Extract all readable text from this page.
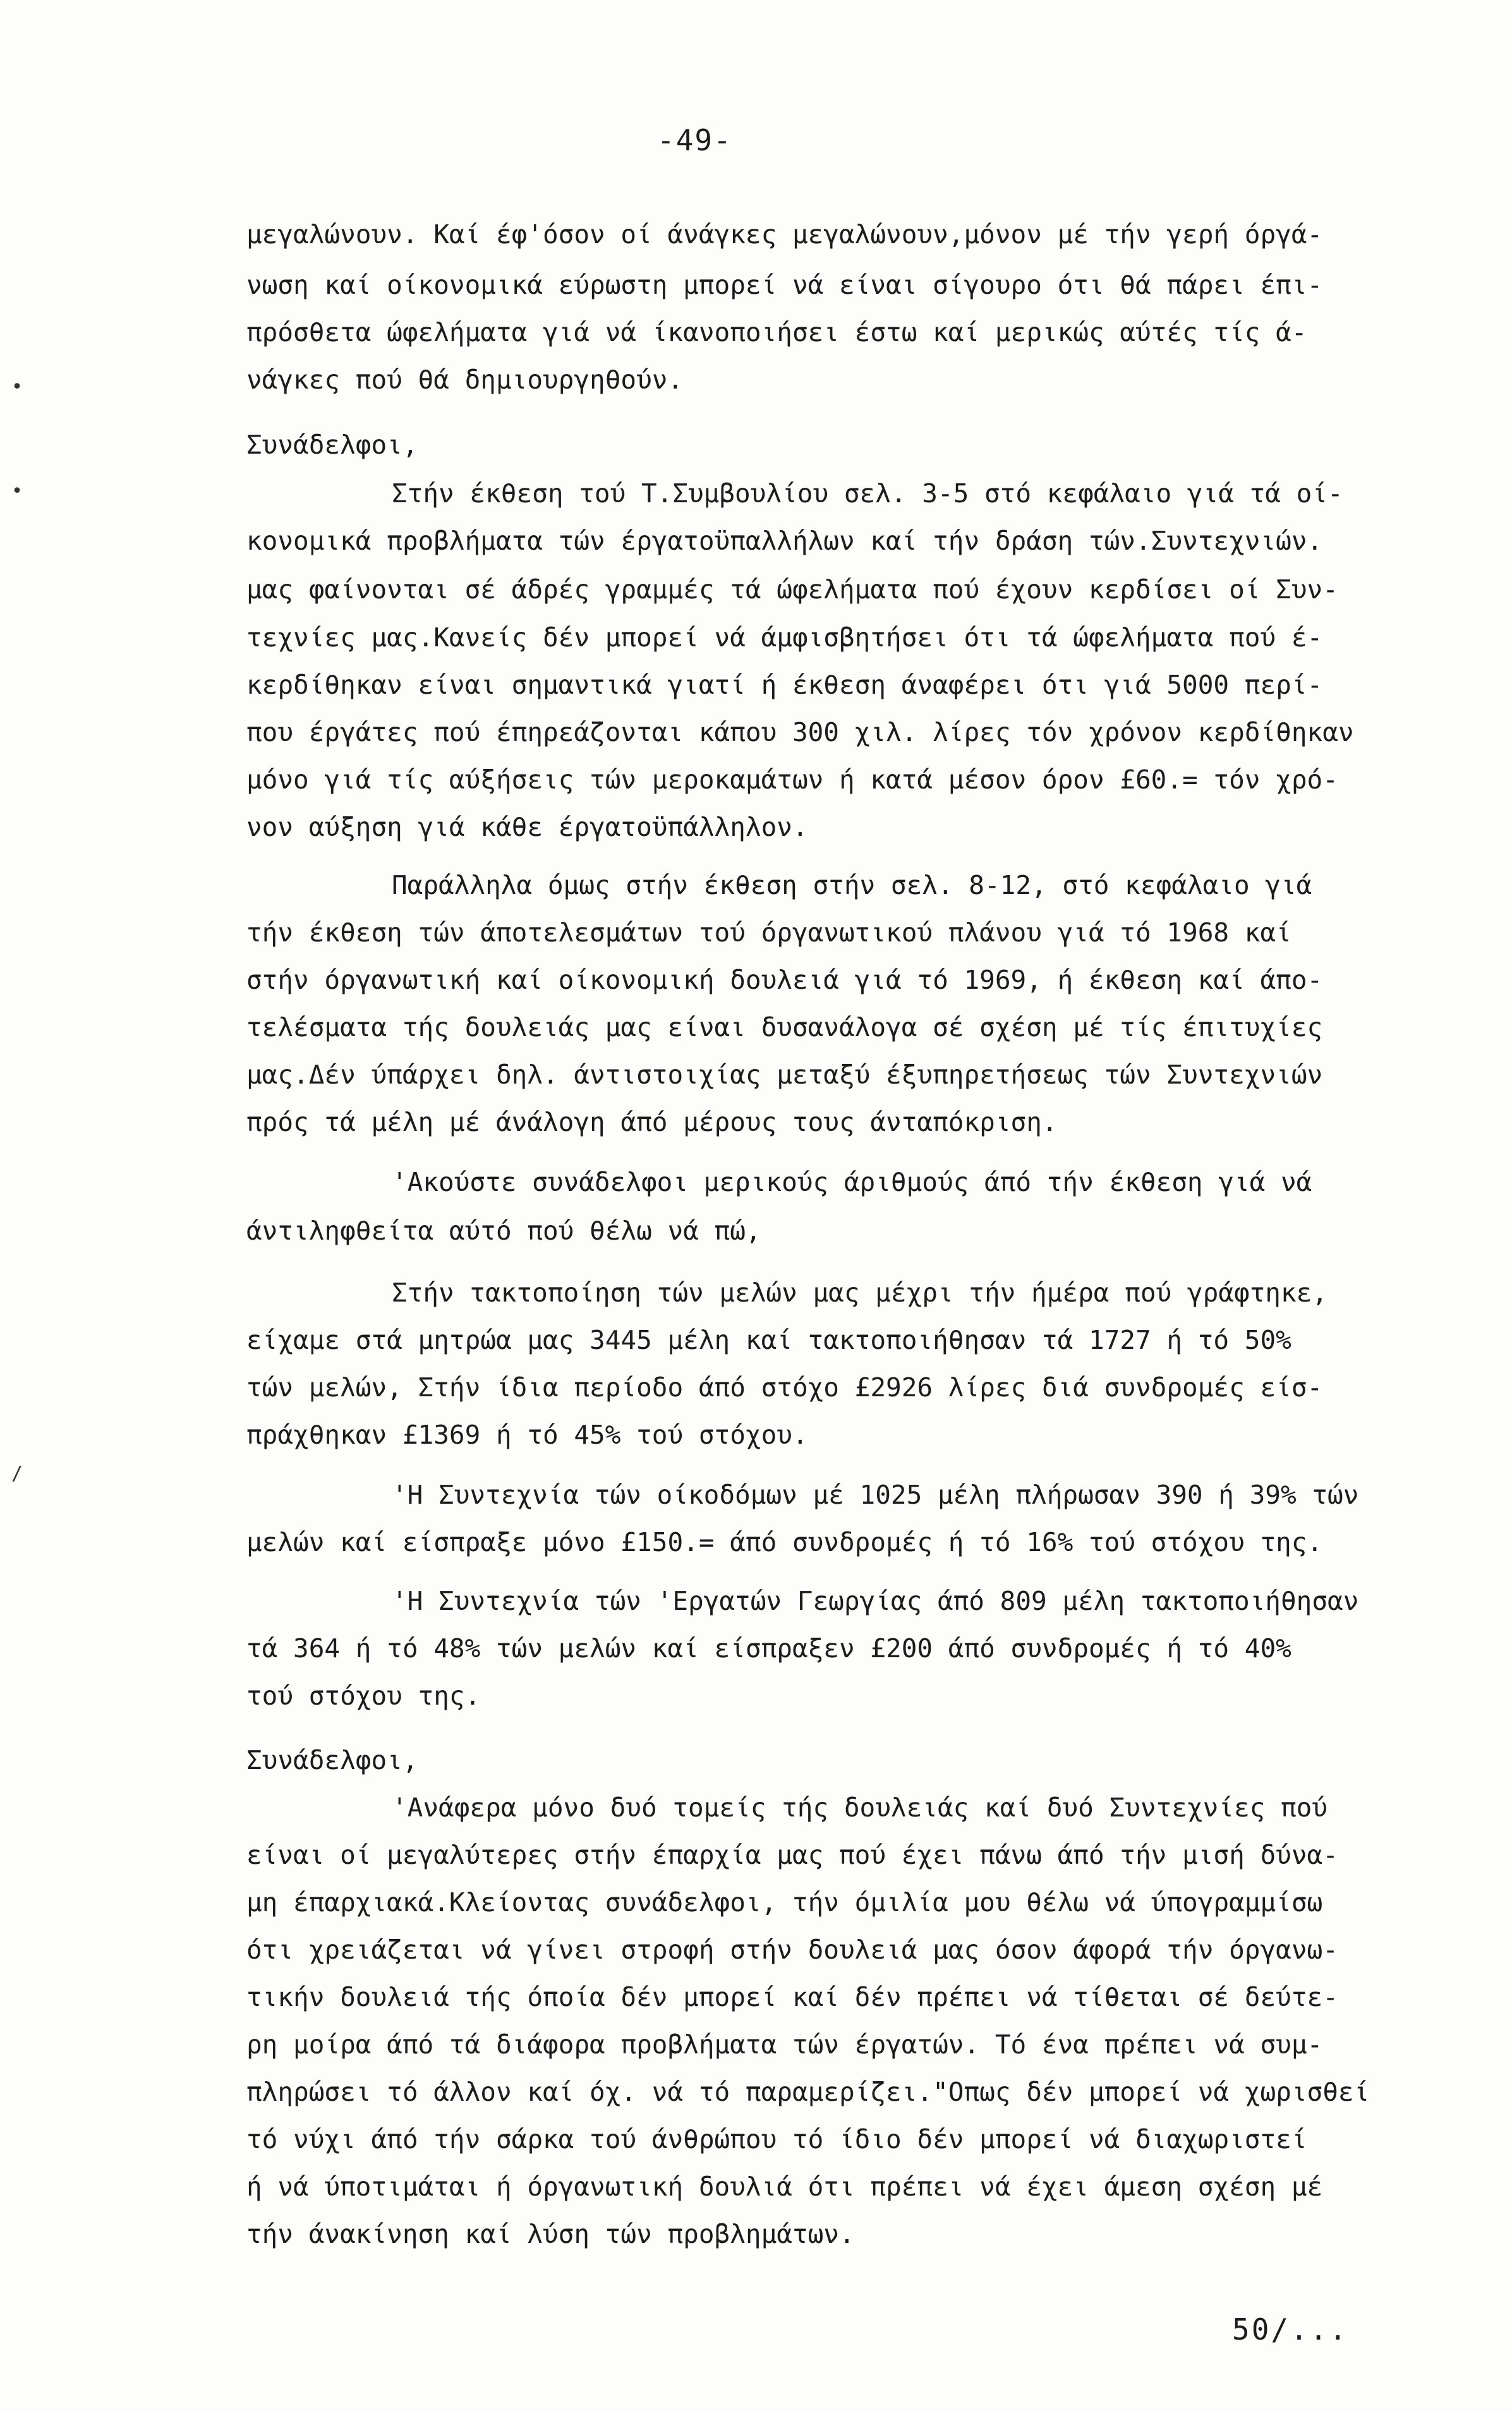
-49-
•
•
/
μεγαλώνουν. Καί έφ'όσον οί άνάγκες μεγαλώνουν,μόνον μέ τήν γερή όργά-
νωση καί οίκονομικά εύρωστη μπορεί νά είναι σίγουρο ότι θά πάρει έπι-
πρόσθετα ώφελήματα γιά νά ίκανοποιήσει έστω καί μερικώς αύτές τίς ά-
νάγκες πού θά δημιουργηθούν.
Συνάδελφοι,
Στήν έκθεση τού Τ.Συμβουλίου σελ. 3-5 στό κεφάλαιο γιά τά οί-
κονομικά προβλήματα τών έργατοϋπαλλήλων καί τήν δράση τών.Συντεχνιών.
μας φαίνονται σέ άδρές γραμμές τά ώφελήματα πού έχουν κερδίσει οί Συν-
τεχνίες μας.Κανείς δέν μπορεί νά άμφισβητήσει ότι τά ώφελήματα πού έ-
κερδίθηκαν είναι σημαντικά γιατί ή έκθεση άναφέρει ότι γιά 5000 περί-
που έργάτες πού έπηρεάζονται κάπου 300 χιλ. λίρες τόν χρόνον κερδίθηκαν
μόνο γιά τίς αύξήσεις τών μεροκαμάτων ή κατά μέσον όρον £60.= τόν χρό-
νον αύξηση γιά κάθε έργατοϋπάλληλον.
Παράλληλα όμως στήν έκθεση στήν σελ. 8-12, στό κεφάλαιο γιά
τήν έκθεση τών άποτελεσμάτων τού όργανωτικού πλάνου γιά τό 1968 καί
στήν όργανωτική καί οίκονομική δουλειά γιά τό 1969, ή έκθεση καί άπο-
τελέσματα τής δουλειάς μας είναι δυσανάλογα σέ σχέση μέ τίς έπιτυχίες
μας.Δέν ύπάρχει δηλ. άντιστοιχίας μεταξύ έξυπηρετήσεως τών Συντεχνιών
πρός τά μέλη μέ άνάλογη άπό μέρους τους άνταπόκριση.
'Ακούστε συνάδελφοι μερικούς άριθμούς άπό τήν έκθεση γιά νά
άντιληφθείτα αύτό πού θέλω νά πώ,
Στήν τακτοποίηση τών μελών μας μέχρι τήν ήμέρα πού γράφτηκε,
είχαμε στά μητρώα μας 3445 μέλη καί τακτοποιήθησαν τά 1727 ή τό 50%
τών μελών, Στήν ίδια περίοδο άπό στόχο £2926 λίρες διά συνδρομές είσ-
πράχθηκαν £1369 ή τό 45% τού στόχου.
'Η Συντεχνία τών οίκοδόμων μέ 1025 μέλη πλήρωσαν 390 ή 39% τών
μελών καί είσπραξε μόνο £150.= άπό συνδρομές ή τό 16% τού στόχου της.
'Η Συντεχνία τών 'Εργατών Γεωργίας άπό 809 μέλη τακτοποιήθησαν
τά 364 ή τό 48% τών μελών καί είσπραξεν £200 άπό συνδρομές ή τό 40%
τού στόχου της.
Συνάδελφοι,
'Ανάφερα μόνο δυό τομείς τής δουλειάς καί δυό Συντεχνίες πού
είναι οί μεγαλύτερες στήν έπαρχία μας πού έχει πάνω άπό τήν μισή δύνα-
μη έπαρχιακά.Κλείοντας συνάδελφοι, τήν όμιλία μου θέλω νά ύπογραμμίσω
ότι χρειάζεται νά γίνει στροφή στήν δουλειά μας όσον άφορά τήν όργανω-
τικήν δουλειά τής όποία δέν μπορεί καί δέν πρέπει νά τίθεται σέ δεύτε-
ρη μοίρα άπό τά διάφορα προβλήματα τών έργατών. Τό ένα πρέπει νά συμ-
πληρώσει τό άλλον καί όχ. νά τό παραμερίζει."Οπως δέν μπορεί νά χωρισθεί
τό νύχι άπό τήν σάρκα τού άνθρώπου τό ίδιο δέν μπορεί νά διαχωριστεί
ή νά ύποτιμάται ή όργανωτική δουλιά ότι πρέπει νά έχει άμεση σχέση μέ
τήν άνακίνηση καί λύση τών προβλημάτων.
50/...
